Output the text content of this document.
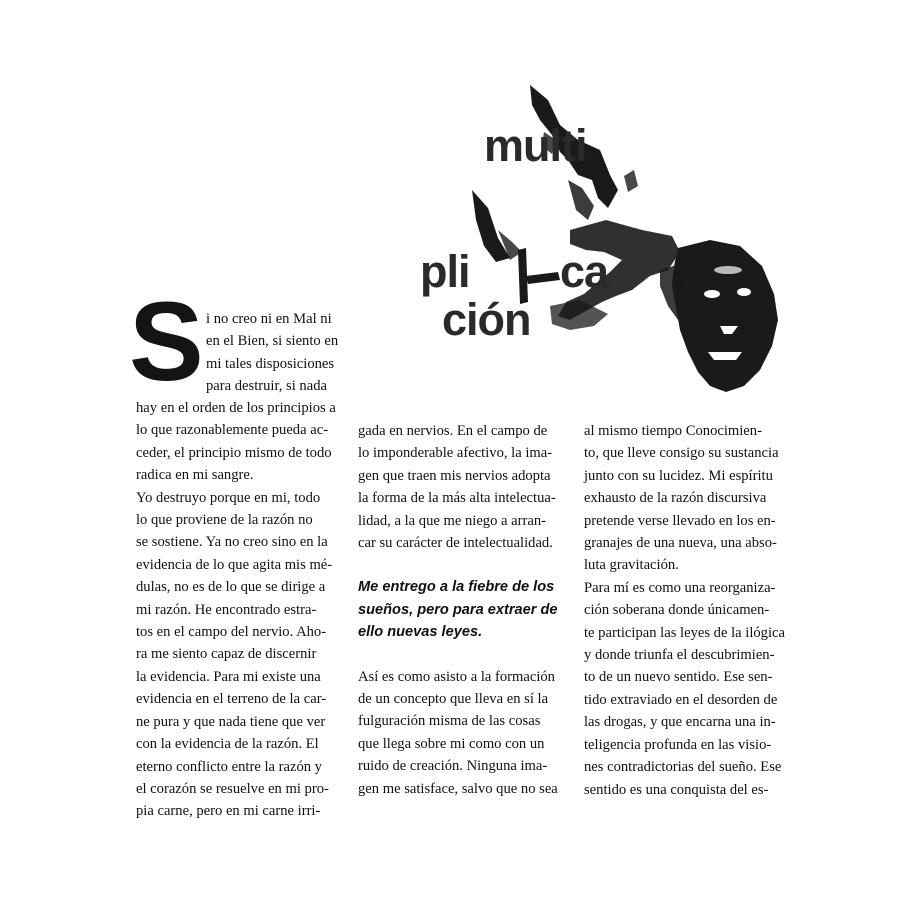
multi
pli ca
ción
S i no creo ni en Mal ni
en el Bien, si siento en
mi tales disposiciones
para destruir, si nada
hay en el orden de los principios a
lo que razonablemente pueda ac-
ceder, el principio mismo de todo
radica en mi sangre.
Yo destruyo porque en mi, todo
lo que proviene de la razón no
se sostiene. Ya no creo sino en la
evidencia de lo que agita mis mé-
dulas, no es de lo que se dirige a
mi razón. He encontrado estra-
tos en el campo del nervio. Aho-
ra me siento capaz de discernir
la evidencia. Para mi existe una
evidencia en el terreno de la car-
ne pura y que nada tiene que ver
con la evidencia de la razón. El
eterno conflicto entre la razón y
el corazón se resuelve en mi pro-
pia carne, pero en mi carne irri-
gada en nervios. En el campo de
lo imponderable afectivo, la ima-
gen que traen mis nervios adopta
la forma de la más alta intelectua-
lidad, a la que me niego a arran-
car su carácter de intelectualidad.
Me entrego a la fiebre de los
sueños, pero para extraer de
ello nuevas leyes.
Así es como asisto a la formación
de un concepto que lleva en sí la
fulguración misma de las cosas
que llega sobre mi como con un
ruido de creación. Ninguna ima-
gen me satisface, salvo que no sea
al mismo tiempo Conocimien-
to, que lleve consigo su sustancia
junto con su lucidez. Mi espíritu
exhausto de la razón discursiva
pretende verse llevado en los en-
granajes de una nueva, una abso-
luta gravitación.
Para mí es como una reorganiza-
ción soberana donde únicamen-
te participan las leyes de la ilógica
y donde triunfa el descubrimien-
to de un nuevo sentido. Ese sen-
tido extraviado en el desorden de
las drogas, y que encarna una in-
teligencia profunda en las visio-
nes contradictorias del sueño. Ese
sentido es una conquista del es-
